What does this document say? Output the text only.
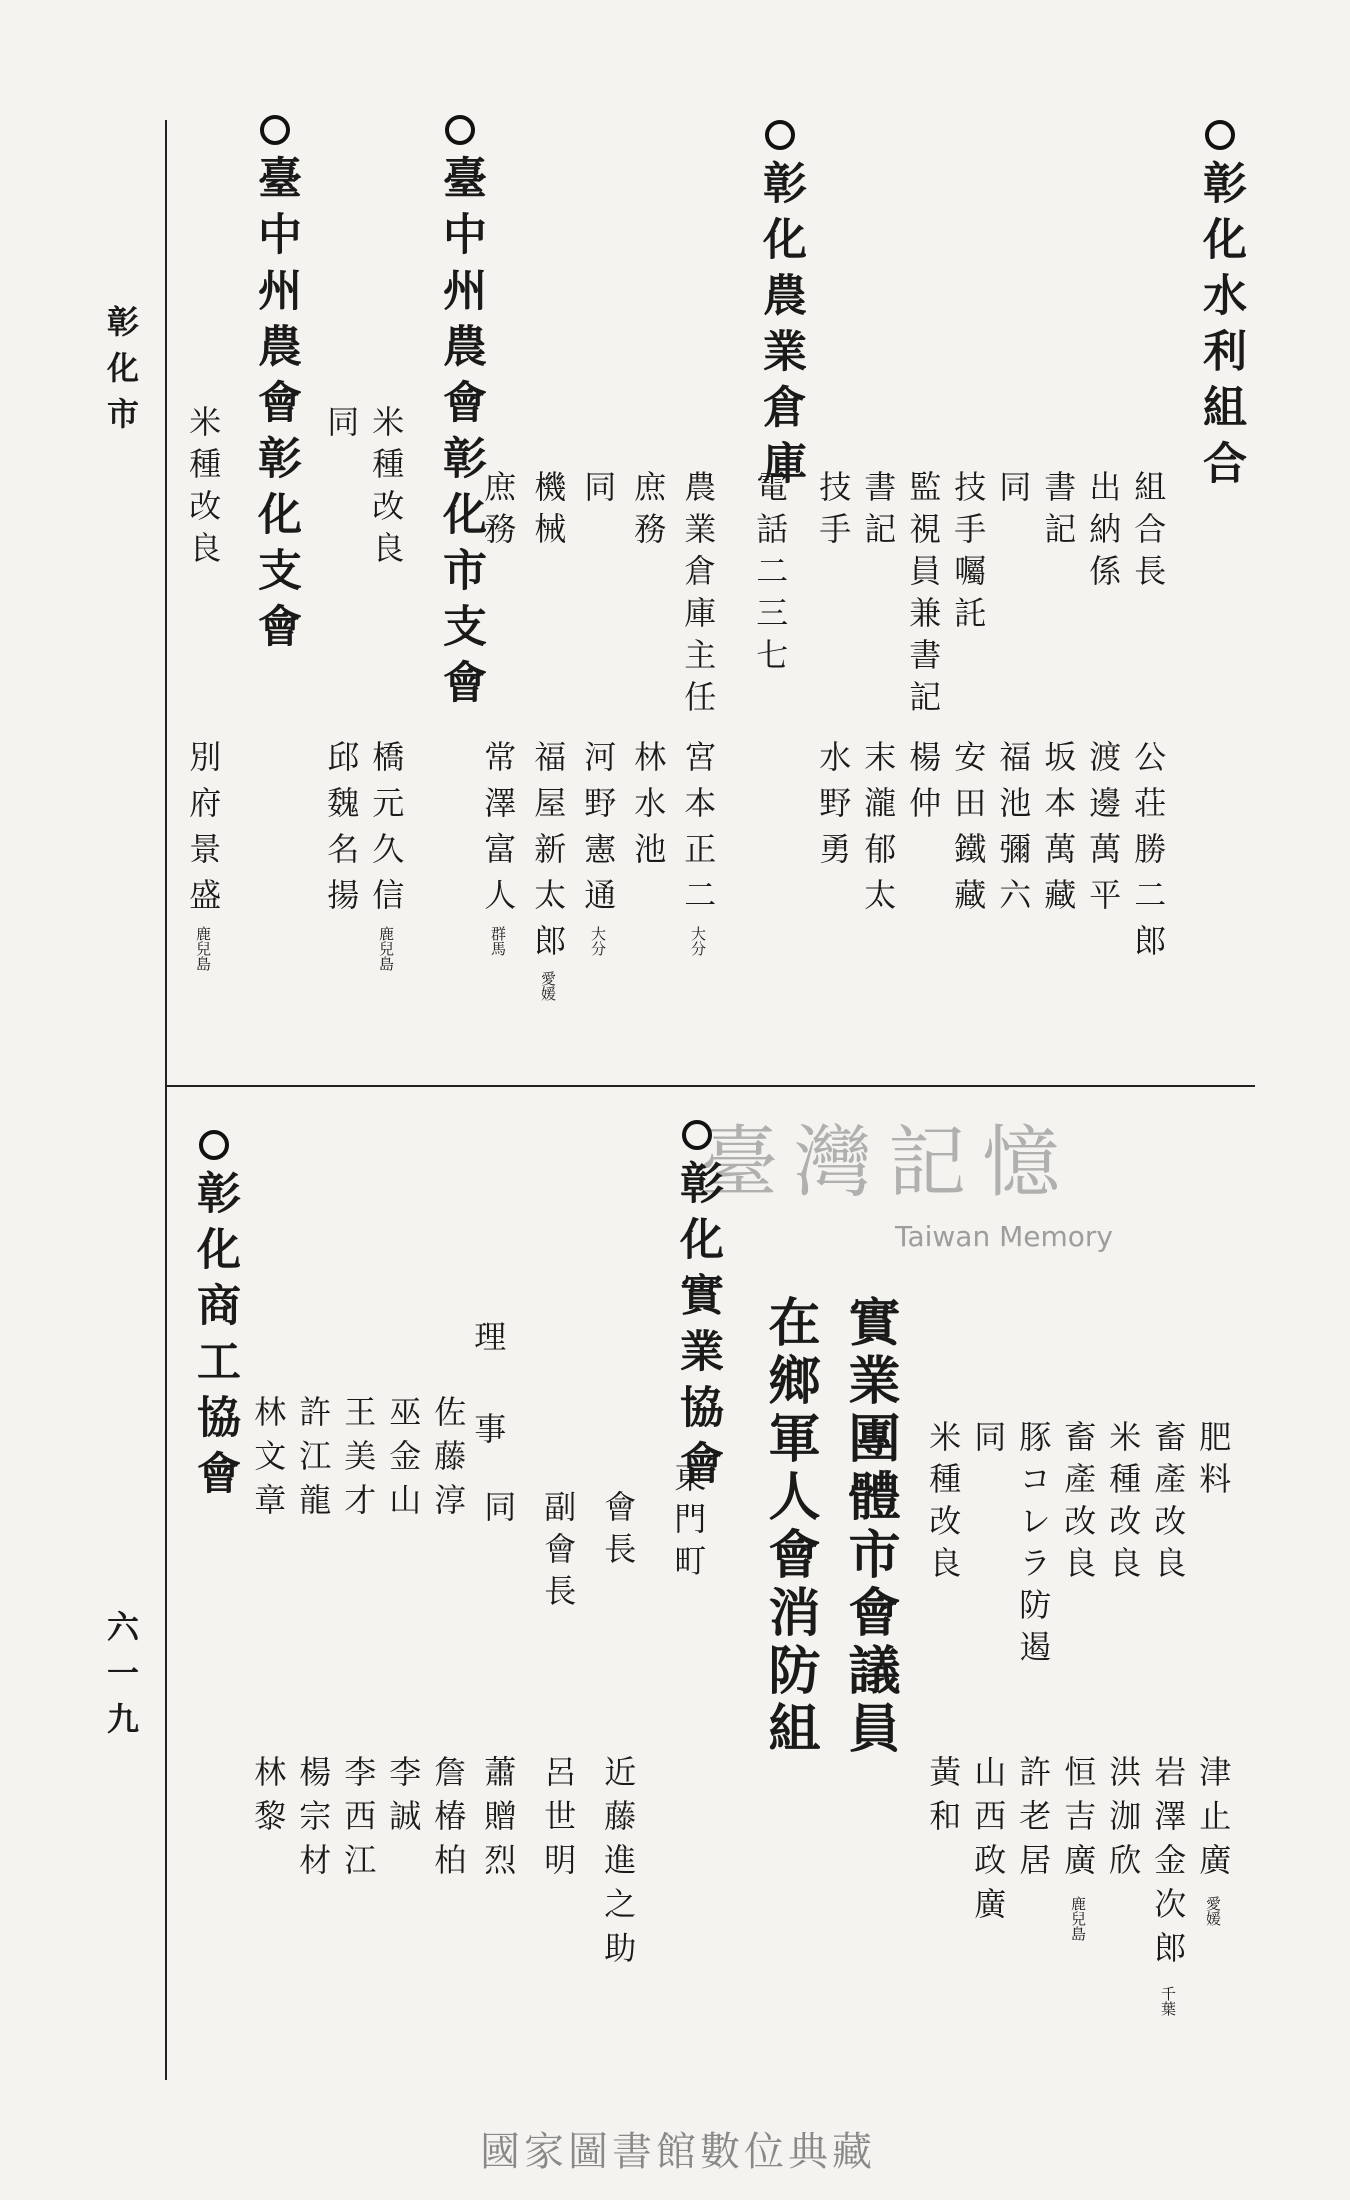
彰化市
六一九
彰化水利組合
組合長
公荘勝二郎
出納係
渡邊萬平
書記
坂本萬藏
同
福池彌六
技手囑託
安田鐵藏
監視員兼書記
楊仲
書記
末瀧郁太
技手
水野勇
彰化農業倉庫
電話二三七
農業倉庫主任
宮本正二
大分
庶務
林水池
同
河野憲通
大分
機械
福屋新太郎
愛媛
庶務
常澤富人
群馬
臺中州農會彰化市支會
米種改良
橋元久信
鹿兒島
同
邱魏名揚
臺中州農會彰化支會
米種改良
別府景盛
鹿兒島
肥料
津止廣
愛媛
畜產改良
岩澤金次郎
千葉
米種改良
洪泇欣
畜產改良
恒吉廣
鹿兒島
豚コレラ防遏
許老居
同
山西政廣
米種改良
黃和
實業團體市會議員
在鄉軍人會消防組
臺灣記憶
Taiwan Memory
彰化實業協會
東門町
會長
近藤進之助
副會長
呂世明
同
蕭贈烈
理事
佐藤淳
詹椿柏
巫金山
李誠
王美才
李西江
許江龍
楊宗材
林文章
林黎
彰化商工協會
國家圖書館數位典藏
